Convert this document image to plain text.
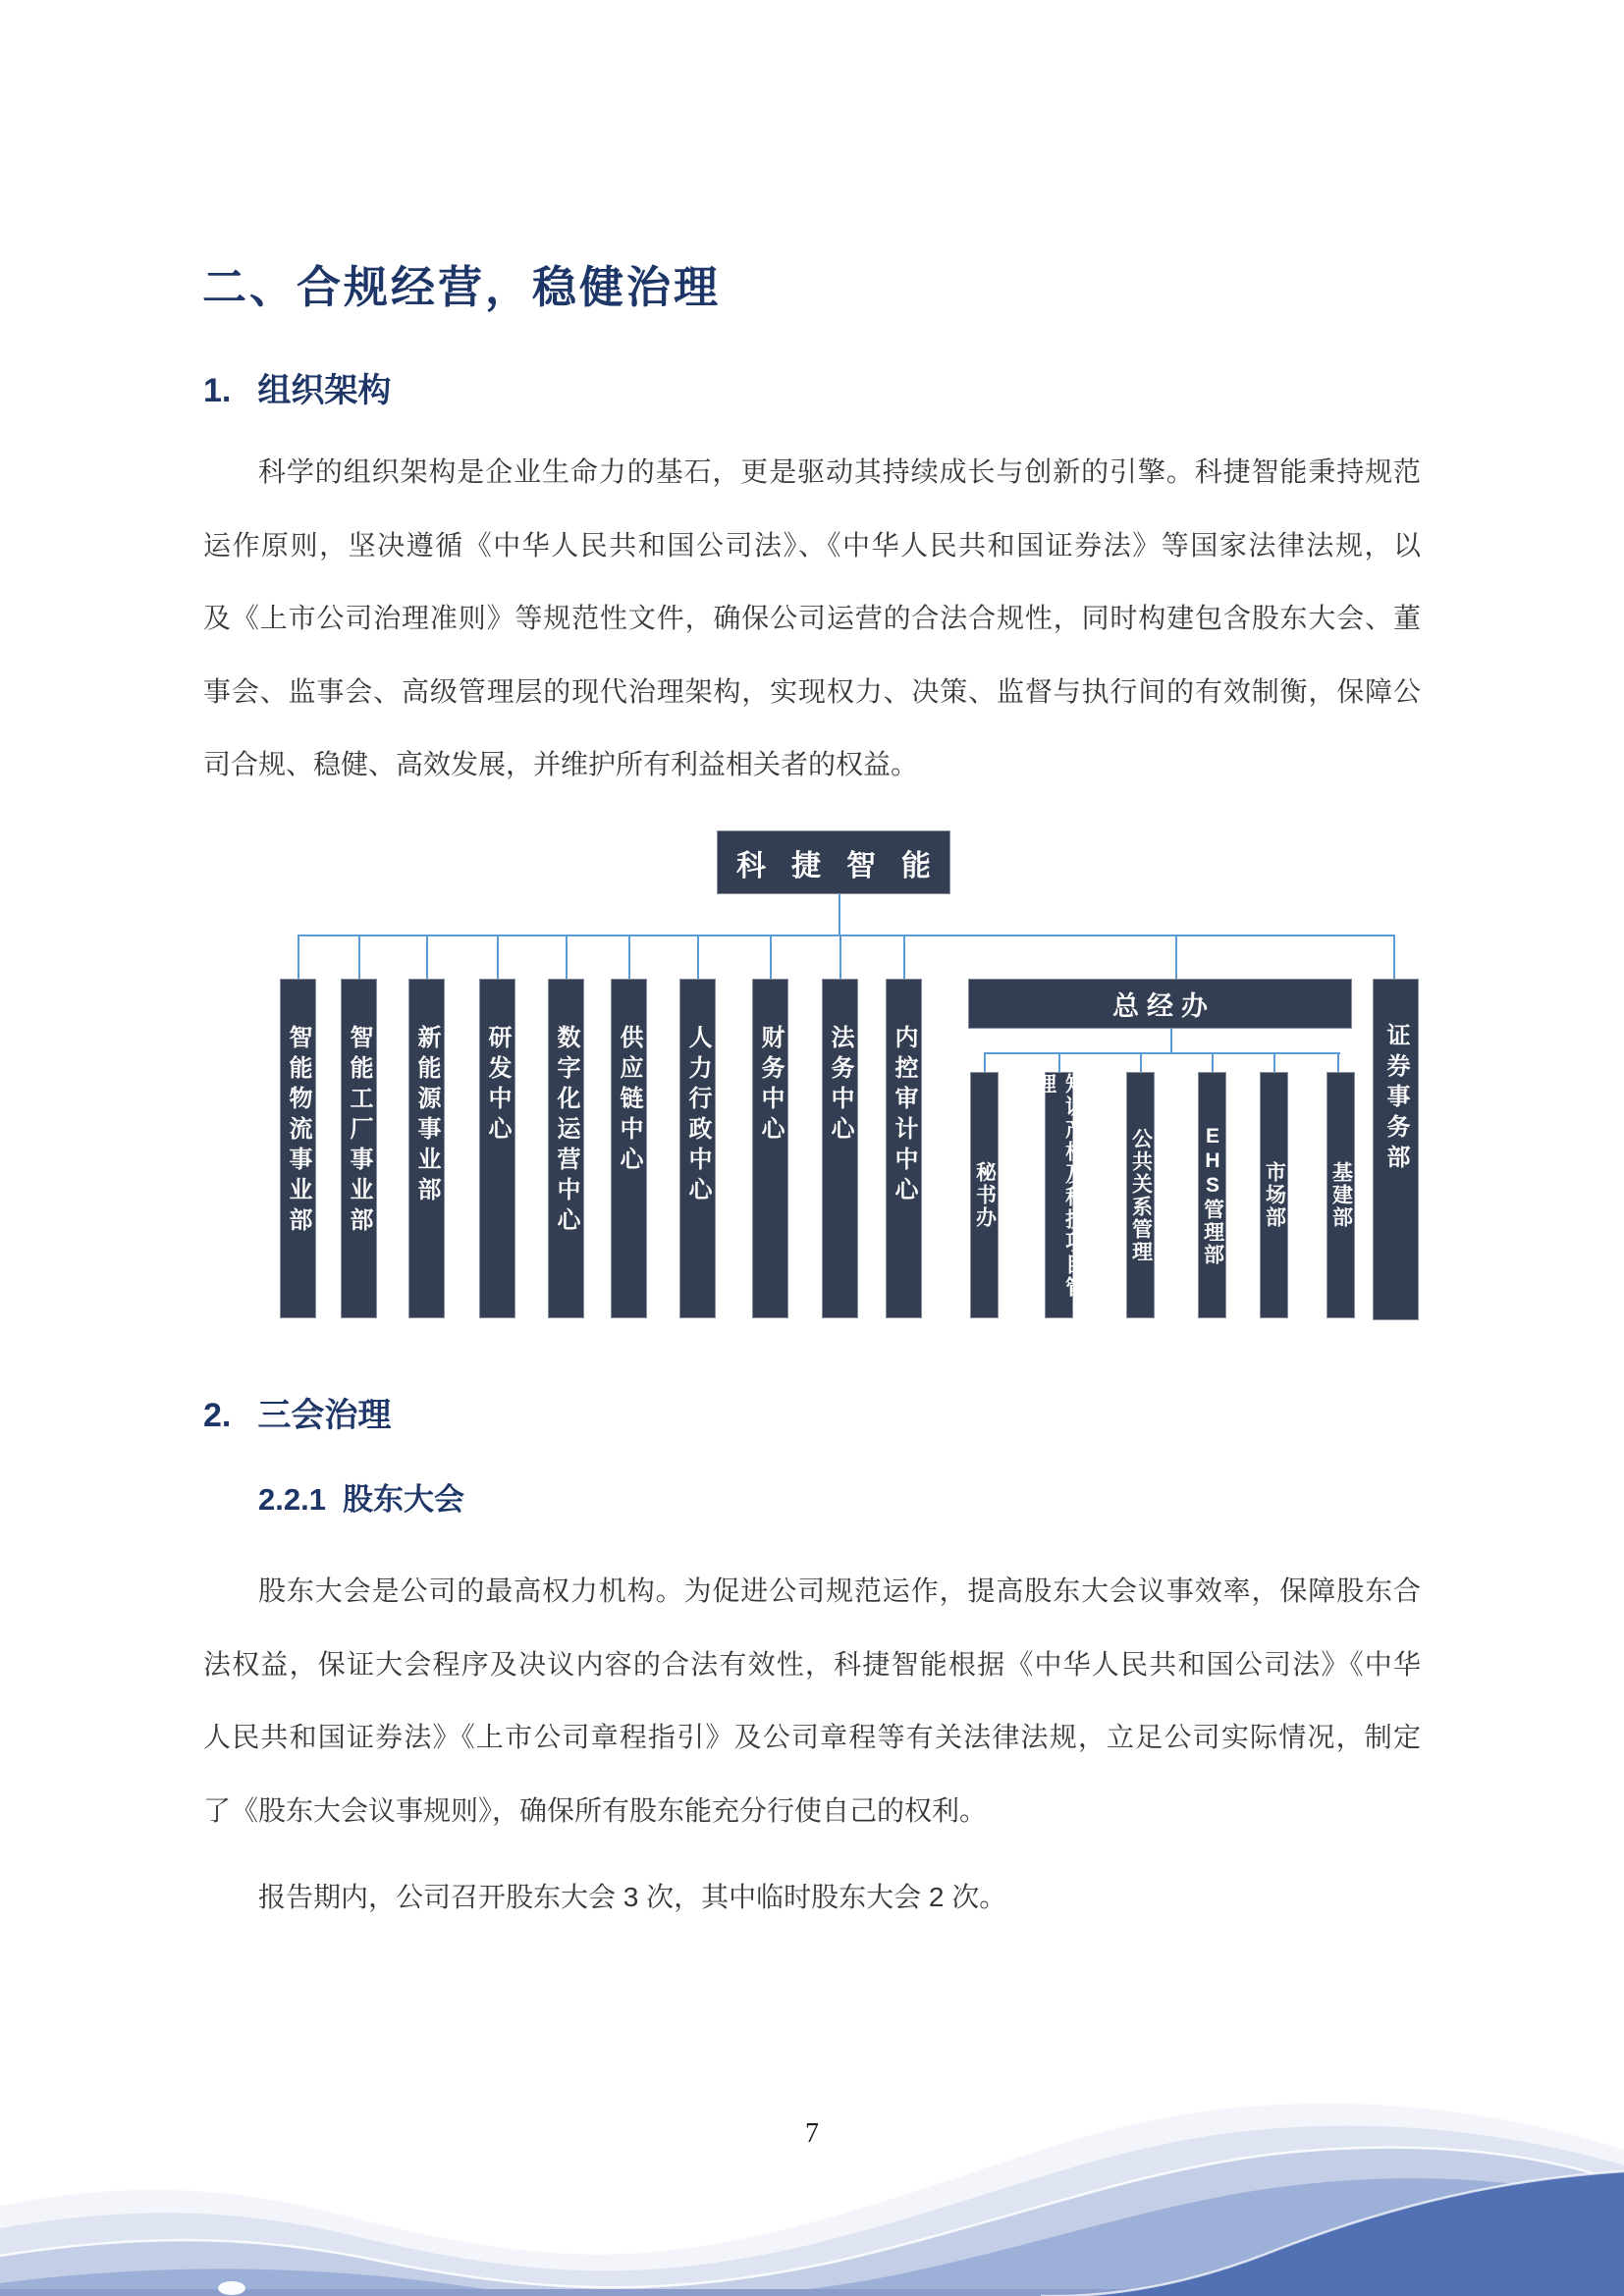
二、合规经营，稳健治理
1. 组织架构
科学的组织架构是企业生命力的基石，更是驱动其持续成长与创新的引擎。科捷智能秉持规范
运作原则，坚决遵循《中华人民共和国公司法》、《中华人民共和国证券法》等国家法律法规，以
及《上市公司治理准则》等规范性文件，确保公司运营的合法合规性，同时构建包含股东大会、董
事会、监事会、高级管理层的现代治理架构，实现权力、决策、监督与执行间的有效制衡，保障公
司合规、稳健、高效发展，并维护所有利益相关者的权益。
科捷智能
智能物流事业部 智能工厂事业部 新能源事业部 研发中心 数字化运营中心 供应链中心 人力行政中心 财务中心 法务中心 内控审计中心
总经办
秘书办	知识产权及科技项目管理
公共关系管理 EHS管理部 市场部 基建部
证券事务部
2. 三会治理
2.2.1 股东大会
股东大会是公司的最高权力机构。为促进公司规范运作，提高股东大会议事效率，保障股东合
法权益，保证大会程序及决议内容的合法有效性，科捷智能根据《中华人民共和国公司法》《中华
人民共和国证券法》《上市公司章程指引》及公司章程等有关法律法规，立足公司实际情况，制定
了《股东大会议事规则》，确保所有股东能充分行使自己的权利。
报告期内，公司召开股东大会 3 次，其中临时股东大会 2 次。
7
